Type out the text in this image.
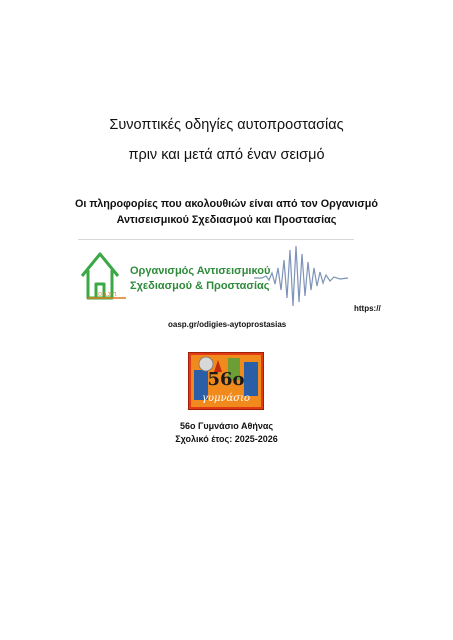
Συνοπτικές οδηγίες αυτοπροστασίας
πριν και μετά από έναν σεισμό
Οι πληροφορίες που ακολουθιών είναι από τον Οργανισμό
Αντισεισμικού Σχεδιασμού και Προστασίας
Ο.Α.Σ.Π.
Οργανισμός Αντισεισμικού
Σχεδιασμού & Προστασίας
https://
oasp.gr/odigies-aytoprostasias
56ο
γυμνάσιο
56ο Γυμνάσιο Αθήνας
Σχολικό έτος: 2025-2026
